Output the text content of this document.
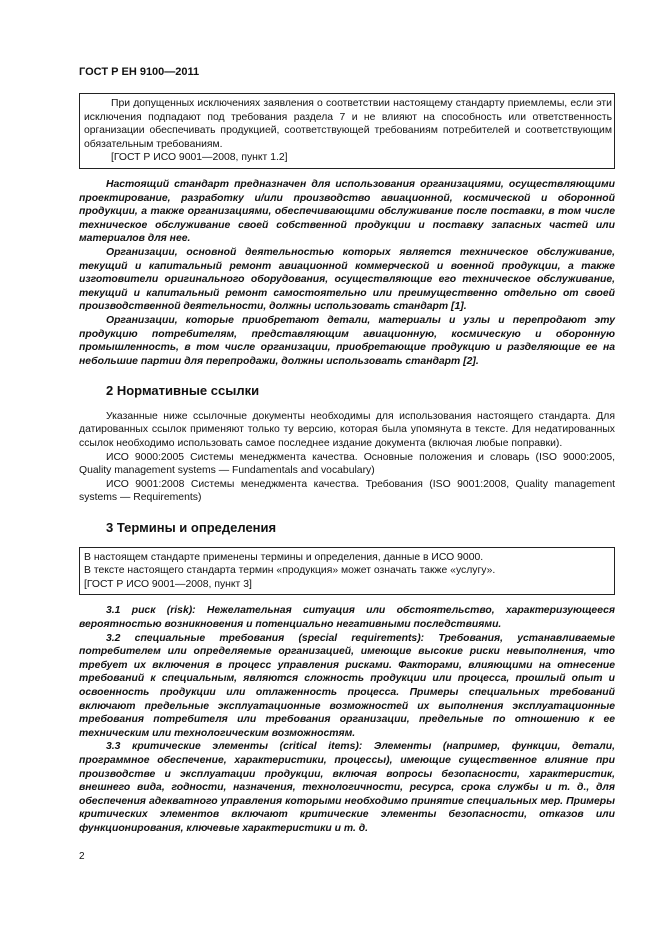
ГОСТ Р ЕН 9100—2011

При допущенных исключениях заявления о соответствии настоящему стандарту приемлемы, если эти исключения подпадают под требования раздела 7 и не влияют на способность или ответственность организации обеспечивать продукцией, соответствующей требованиям потребителей и соответствующим обязательным требованиям.

[ГОСТ Р ИСО 9001—2008, пункт 1.2]

Настоящий стандарт предназначен для использования организациями, осуществляющими проектирование, разработку и/или производство авиационной, космической и оборонной продукции, а также организациями, обеспечивающими обслуживание после поставки, в том числе техническое обслуживание своей собственной продукции и поставку запасных частей или материалов для нее.

Организации, основной деятельностью которых является техническое обслуживание, текущий и капитальный ремонт авиационной коммерческой и военной продукции, а также изготовители оригинального оборудования, осуществляющие его техническое обслуживание, текущий и капитальный ремонт самостоятельно или преимущественно отдельно от своей производственной деятельности, должны использовать стандарт [1].

Организации, которые приобретают детали, материалы и узлы и перепродают эту продукцию потребителям, представляющим авиационную, космическую и оборонную промышленность, в том числе организации, приобретающие продукцию и разделяющие ее на небольшие партии для перепродажи, должны использовать стандарт [2].

2 Нормативные ссылки

Указанные ниже ссылочные документы необходимы для использования настоящего стандарта. Для датированных ссылок применяют только ту версию, которая была упомянута в тексте. Для недатированных ссылок необходимо использовать самое последнее издание документа (включая любые поправки).

ИСО 9000:2005 Системы менеджмента качества. Основные положения и словарь (ISO 9000:2005, Quality management systems — Fundamentals and vocabulary)

ИСО 9001:2008 Системы менеджмента качества. Требования (ISO 9001:2008, Quality management systems — Requirements)

3 Термины и определения

В настоящем стандарте применены термины и определения, данные в ИСО 9000.

В тексте настоящего стандарта термин «продукция» может означать также «услугу».

[ГОСТ Р ИСО 9001—2008, пункт 3]

3.1 риск (risk): Нежелательная ситуация или обстоятельство, характеризующееся вероятностью возникновения и потенциально негативными последствиями.

3.2 специальные требования (special requirements): Требования, устанавливаемые потребителем или определяемые организацией, имеющие высокие риски невыполнения, что требует их включения в процесс управления рисками. Факторами, влияющими на отнесение требований к специальным, являются сложность продукции или процесса, прошлый опыт и освоенность продукции или отлаженность процесса. Примеры специальных требований включают предельные эксплуатационные возможностей их выполнения эксплуатационные требования потребителя или требования организации, предельные по отношению к ее техническим или технологическим возможностям.

3.3 критические элементы (critical items): Элементы (например, функции, детали, программное обеспечение, характеристики, процессы), имеющие существенное влияние при производстве и эксплуатации продукции, включая вопросы безопасности, характеристик, внешнего вида, годности, назначения, технологичности, ресурса, срока службы и т. д., для обеспечения адекватного управления которыми необходимо принятие специальных мер. Примеры критических элементов включают критические элементы безопасности, отказов или функционирования, ключевые характеристики и т. д.

2
